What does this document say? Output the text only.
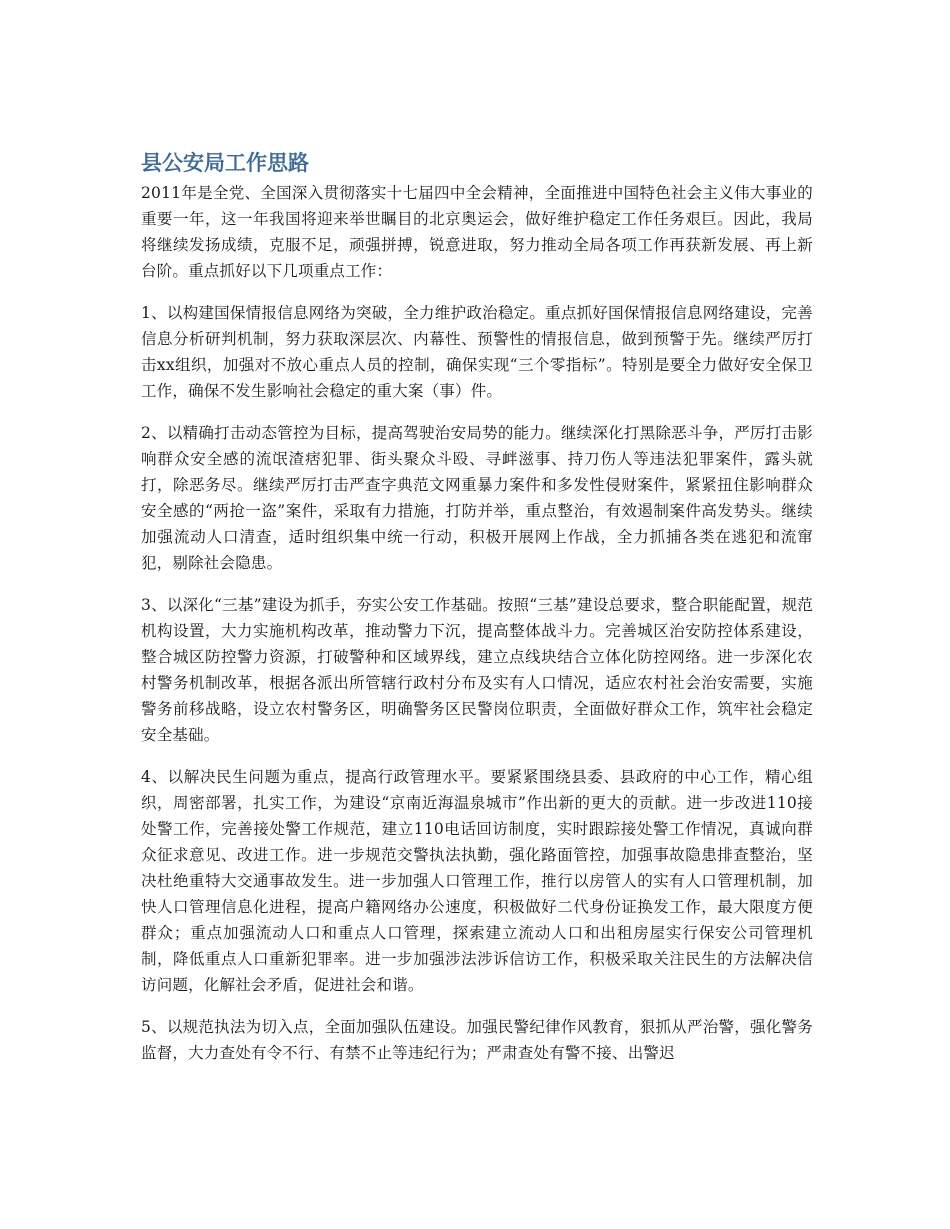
县公安局工作思路

2011年是全党、全国深入贯彻落实十七届四中全会精神，全面推进中国特色社会主义伟大事业的重要一年，这一年我国将迎来举世瞩目的北京奥运会，做好维护稳定工作任务艰巨。因此，我局将继续发扬成绩，克服不足，顽强拼搏，锐意进取，努力推动全局各项工作再获新发展、再上新台阶。重点抓好以下几项重点工作：

1、以构建国保情报信息网络为突破，全力维护政治稳定。重点抓好国保情报信息网络建设，完善信息分析研判机制，努力获取深层次、内幕性、预警性的情报信息，做到预警于先。继续严厉打击xx组织，加强对不放心重点人员的控制，确保实现“三个零指标”。特别是要全力做好安全保卫工作，确保不发生影响社会稳定的重大案（事）件。

2、以精确打击动态管控为目标，提高驾驶治安局势的能力。继续深化打黑除恶斗争，严厉打击影响群众安全感的流氓渣痞犯罪、街头聚众斗殴、寻衅滋事、持刀伤人等违法犯罪案件，露头就打，除恶务尽。继续严厉打击严查字典范文网重暴力案件和多发性侵财案件，紧紧扭住影响群众安全感的“两抢一盗”案件，采取有力措施，打防并举，重点整治，有效遏制案件高发势头。继续加强流动人口清查，适时组织集中统一行动，积极开展网上作战，全力抓捕各类在逃犯和流窜犯，剔除社会隐患。

3、以深化“三基”建设为抓手，夯实公安工作基础。按照“三基”建设总要求，整合职能配置，规范机构设置，大力实施机构改革，推动警力下沉，提高整体战斗力。完善城区治安防控体系建设，整合城区防控警力资源，打破警种和区域界线，建立点线块结合立体化防控网络。进一步深化农村警务机制改革，根据各派出所管辖行政村分布及实有人口情况，适应农村社会治安需要，实施警务前移战略，设立农村警务区，明确警务区民警岗位职责，全面做好群众工作，筑牢社会稳定安全基础。

4、以解决民生问题为重点，提高行政管理水平。要紧紧围绕县委、县政府的中心工作，精心组织，周密部署，扎实工作，为建设“京南近海温泉城市”作出新的更大的贡献。进一步改进110接处警工作，完善接处警工作规范，建立110电话回访制度，实时跟踪接处警工作情况，真诚向群众征求意见、改进工作。进一步规范交警执法执勤，强化路面管控，加强事故隐患排查整治，坚决杜绝重特大交通事故发生。进一步加强人口管理工作，推行以房管人的实有人口管理机制，加快人口管理信息化进程，提高户籍网络办公速度，积极做好二代身份证换发工作，最大限度方便群众；重点加强流动人口和重点人口管理，探索建立流动人口和出租房屋实行保安公司管理机制，降低重点人口重新犯罪率。进一步加强涉法涉诉信访工作，积极采取关注民生的方法解决信访问题，化解社会矛盾，促进社会和谐。

5、以规范执法为切入点，全面加强队伍建设。加强民警纪律作风教育，狠抓从严治警，强化警务监督，大力查处有令不行、有禁不止等违纪行为；严肃查处有警不接、出警迟
